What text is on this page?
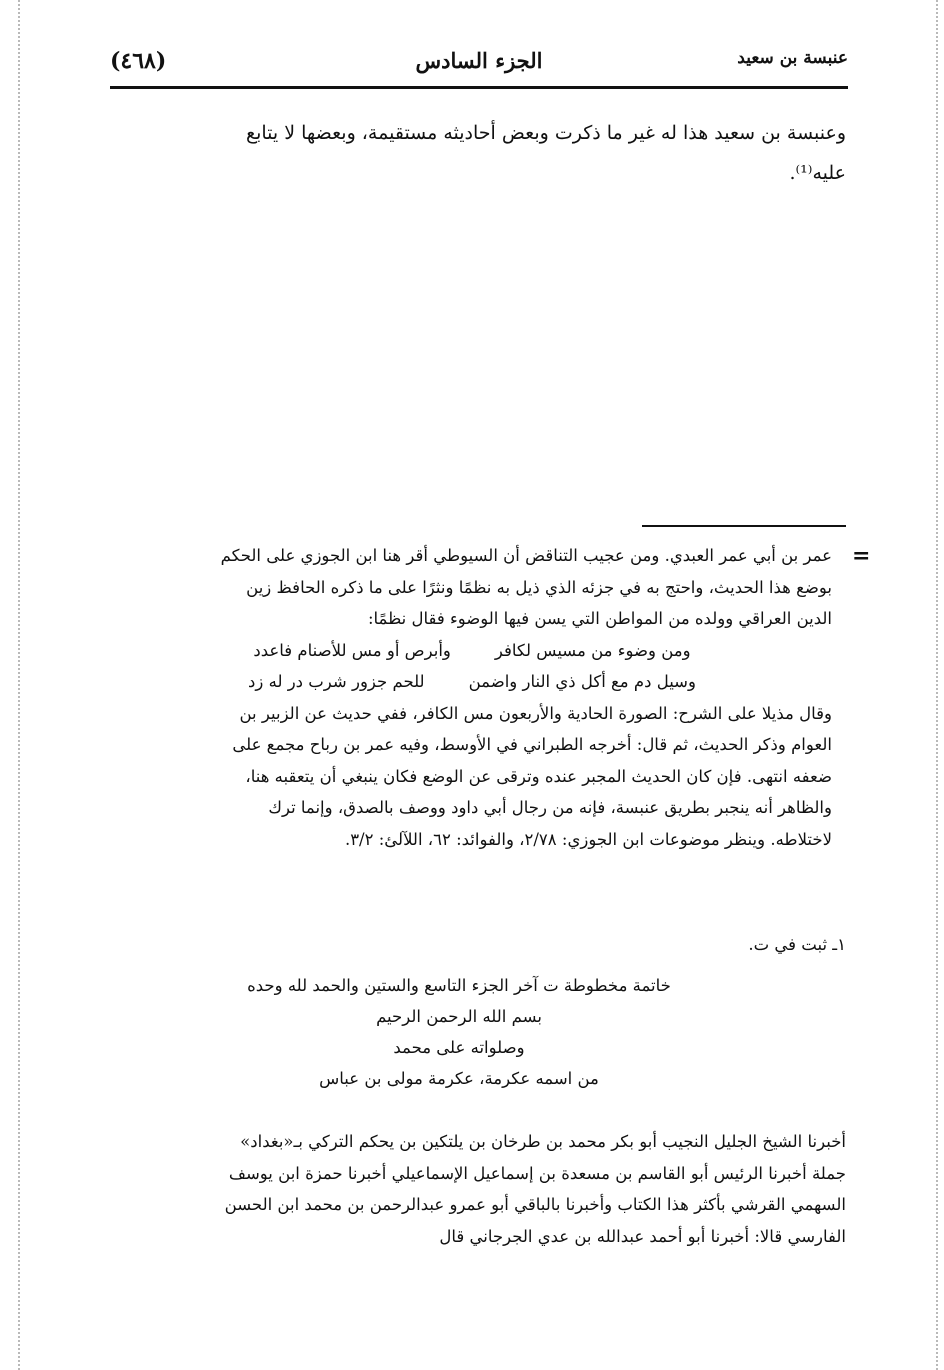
(٤٦٨)	الجزء السادس	عنبسة بن سعيد
وعنبسة بن سعيد هذا له غير ما ذكرت وبعض أحاديثه مستقيمة، وبعضها لا يتابع
عليه⁽¹⁾.
=
عمر بن أبي عمر العبدي. ومن عجيب التناقض أن السيوطي أقر هنا ابن الجوزي على الحكم
بوضع هذا الحديث، واحتج به في جزئه الذي ذيل به نظمًا ونثرًا على ما ذكره الحافظ زين
الدين العراقي وولده من المواطن التي يسن فيها الوضوء فقال نظمًا:
ومن وضوء من مسيس لكافر
وأبرص أو مس للأصنام فاعدد
وسيل دم مع أكل ذي النار واضمن
للحم جزور شرب در له زد
وقال مذيلا على الشرح: الصورة الحادية والأربعون مس الكافر، ففي حديث عن الزبير بن
العوام وذكر الحديث، ثم قال: أخرجه الطبراني في الأوسط، وفيه عمر بن رباح مجمع على
ضعفه انتهى. فإن كان الحديث المجبر عنده وترقى عن الوضع فكان ينبغي أن يتعقبه هنا،
والظاهر أنه ينجبر بطريق عنبسة، فإنه من رجال أبي داود ووصف بالصدق، وإنما ترك
لاختلاطه. وينظر موضوعات ابن الجوزي: ٢/٧٨، والفوائد: ٦٢، اللآلئ: ٣/٢.
١ـ ثبت في ت.
خاتمة مخطوطة ت آخر الجزء التاسع والستين والحمد لله وحده
بسم الله الرحمن الرحيم
وصلواته على محمد
من اسمه عكرمة، عكرمة مولى بن عباس
أخبرنا الشيخ الجليل النجيب أبو بكر محمد بن طرخان بن يلتكين بن يحكم التركي بـ«بغداد»
جملة أخبرنا الرئيس أبو القاسم بن مسعدة بن إسماعيل الإسماعيلي أخبرنا حمزة ابن يوسف
السهمي القرشي بأكثر هذا الكتاب وأخبرنا بالباقي أبو عمرو عبدالرحمن بن محمد ابن الحسن
الفارسي قالا: أخبرنا أبو أحمد عبدالله بن عدي الجرجاني قال
